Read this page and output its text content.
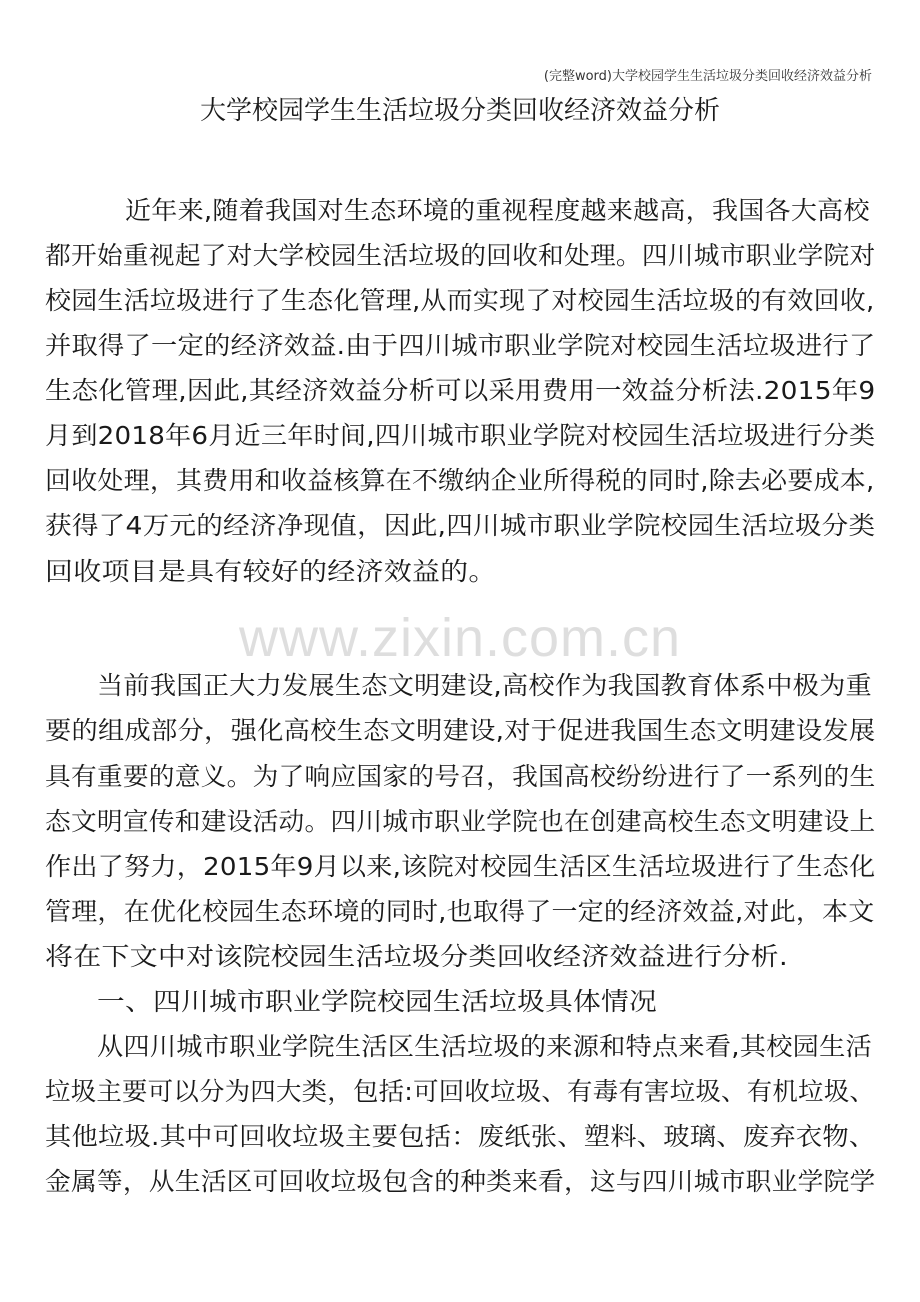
(完整word)大学校园学生生活垃圾分类回收经济效益分析
大学校园学生生活垃圾分类回收经济效益分析
www.zixin.com.cn
近年来,随着我国对生态环境的重视程度越来越高，我国各大高校
都开始重视起了对大学校园生活垃圾的回收和处理。四川城市职业学院对
校园生活垃圾进行了生态化管理,从而实现了对校园生活垃圾的有效回收,
并取得了一定的经济效益.由于四川城市职业学院对校园生活垃圾进行了
生态化管理,因此,其经济效益分析可以采用费用一效益分析法.2015年9
月到2018年6月近三年时间,四川城市职业学院对校园生活垃圾进行分类
回收处理，其费用和收益核算在不缴纳企业所得税的同时,除去必要成本,
获得了4万元的经济净现值，因此,四川城市职业学院校园生活垃圾分类
回收项目是具有较好的经济效益的。
当前我国正大力发展生态文明建设,高校作为我国教育体系中极为重
要的组成部分，强化高校生态文明建设,对于促进我国生态文明建设发展
具有重要的意义。为了响应国家的号召，我国高校纷纷进行了一系列的生
态文明宣传和建设活动。四川城市职业学院也在创建高校生态文明建设上
作出了努力，2015年9月以来,该院对校园生活区生活垃圾进行了生态化
管理，在优化校园生态环境的同时,也取得了一定的经济效益,对此，本文
将在下文中对该院校园生活垃圾分类回收经济效益进行分析.
一、四川城市职业学院校园生活垃圾具体情况
从四川城市职业学院生活区生活垃圾的来源和特点来看,其校园生活
垃圾主要可以分为四大类，包括:可回收垃圾、有毒有害垃圾、有机垃圾、
其他垃圾.其中可回收垃圾主要包括：废纸张、塑料、玻璃、废弃衣物、
金属等，从生活区可回收垃圾包含的种类来看，这与四川城市职业学院学
